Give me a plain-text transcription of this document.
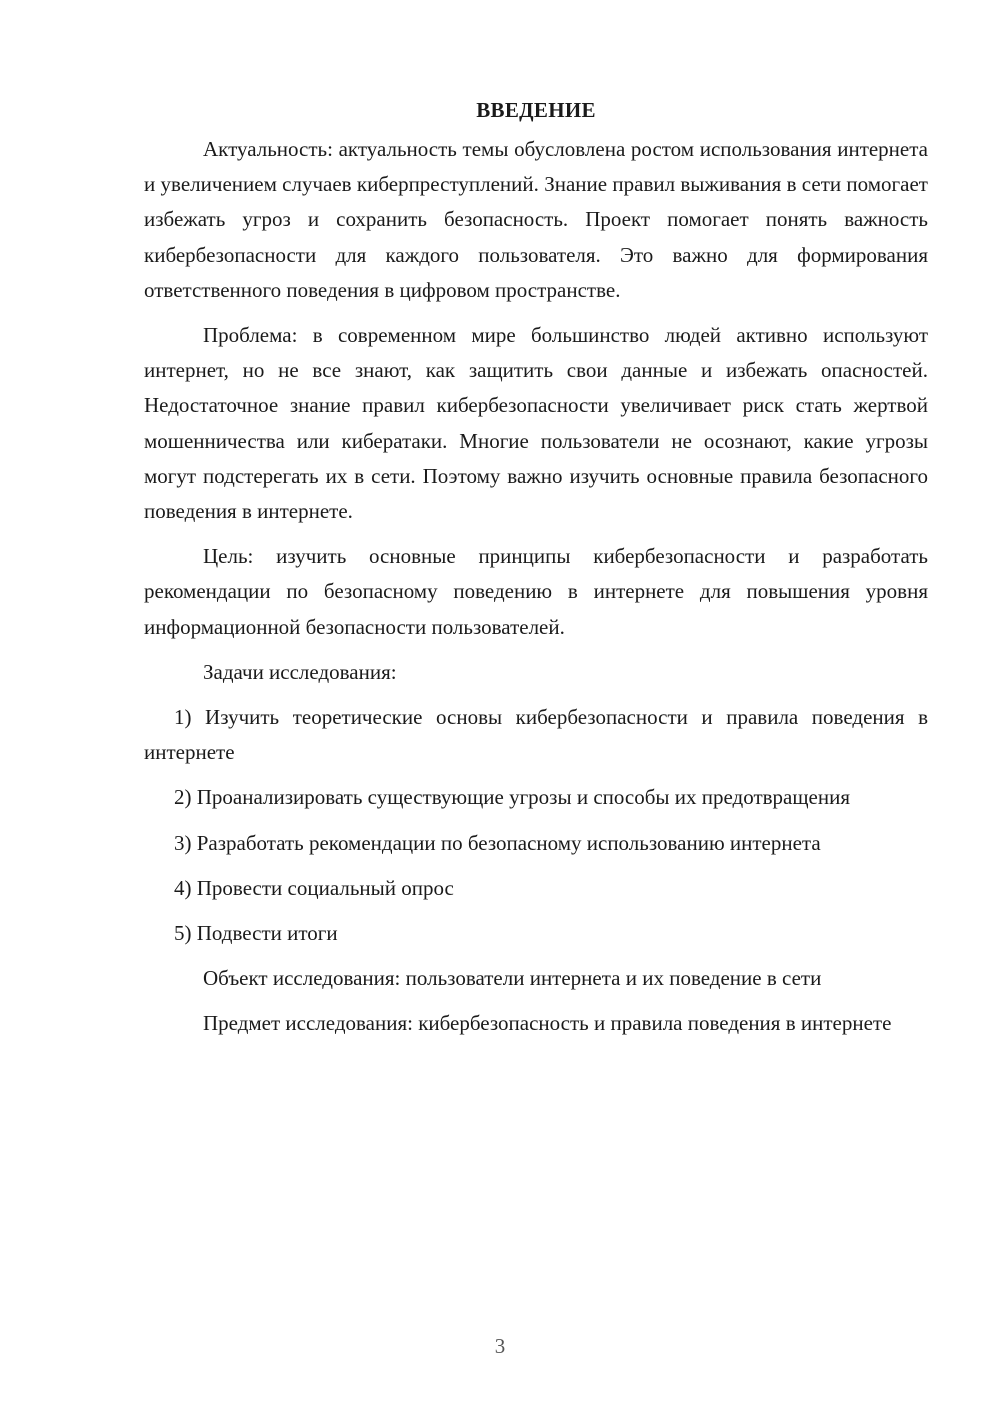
ВВЕДЕНИЕ

Актуальность: актуальность темы обусловлена ростом использования интернета и увеличением случаев киберпреступлений. Знание правил выживания в сети помогает избежать угроз и сохранить безопасность. Проект помогает понять важность кибербезопасности для каждого пользователя. Это важно для формирования ответственного поведения в цифровом пространстве.

Проблема: в современном мире большинство людей активно используют интернет, но не все знают, как защитить свои данные и избежать опасностей. Недостаточное знание правил кибербезопасности увеличивает риск стать жертвой мошенничества или кибератаки. Многие пользователи не осознают, какие угрозы могут подстерегать их в сети. Поэтому важно изучить основные правила безопасного поведения в интернете.

Цель: изучить основные принципы кибербезопасности и разработать рекомендации по безопасному поведению в интернете для повышения уровня информационной безопасности пользователей.

Задачи исследования:

1) Изучить теоретические основы кибербезопасности и правила поведения в интернете

2) Проанализировать существующие угрозы и способы их предотвращения

3) Разработать рекомендации по безопасному использованию интернета

4) Провести социальный опрос

5) Подвести итоги

Объект исследования: пользователи интернета и их поведение в сети

Предмет исследования: кибербезопасность и правила поведения в интернете

3
